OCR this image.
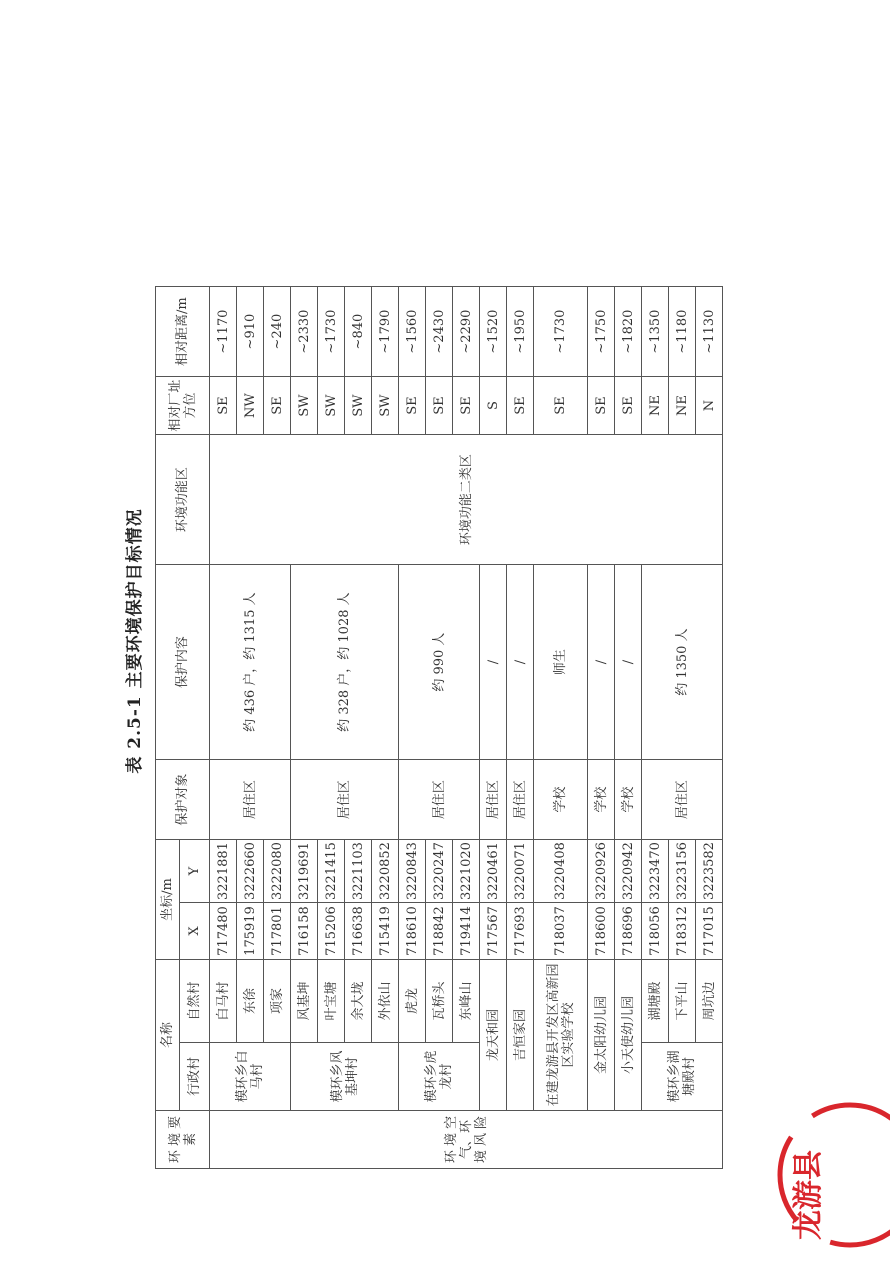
表 2.5-1 主要环境保护目标情况
环 境 要素	名称		坐标/m		保护对象	保护内容	环境功能区	相对厂址方位	相对距离/m
	行政村	自然村	X	Y					
环 境 空 气、环 境 风 险	模环乡白马村	白马村	717480	3221881	居住区	约 436 户，约 1315 人	环境功能二类区	SE	~1170
		东徐	175919	3222660				NW	~910
		项家	717801	3222080				SE	~240
	模环乡风基坤村	风基坤	716158	3219691	居住区	约 328 户，约 1028 人		SW	~2330
		叶宝塘	715206	3221415				SW	~1730
		余大垅	716638	3221103				SW	~840
		外依山	715419	3220852				SW	~1790
	模环乡虎龙村	虎龙	718610	3220843	居住区	约 990 人		SE	~1560
		瓦桥头	718842	3220247				SE	~2430
		东峰山	719414	3221020				SE	~2290
	龙天和园		717567	3220461	居住区	/		S	~1520
	吉恒家园		717693	3220071	居住区	/		SE	~1950
	在建龙游县开发区高新园区实验学校		718037	3220408	学校	师生		SE	~1730
	金太阳幼儿园		718600	3220926	学校	/		SE	~1750
	小天使幼儿园		718696	3220942	学校	/		SE	~1820
	模环乡湖塘殿村	湖塘殿	718056	3223470	居住区	约 1350 人		NE	~1350
		下平山	718312	3223156				NE	~1180
		周坑边	717015	3223582				N	~1130
龙游县
